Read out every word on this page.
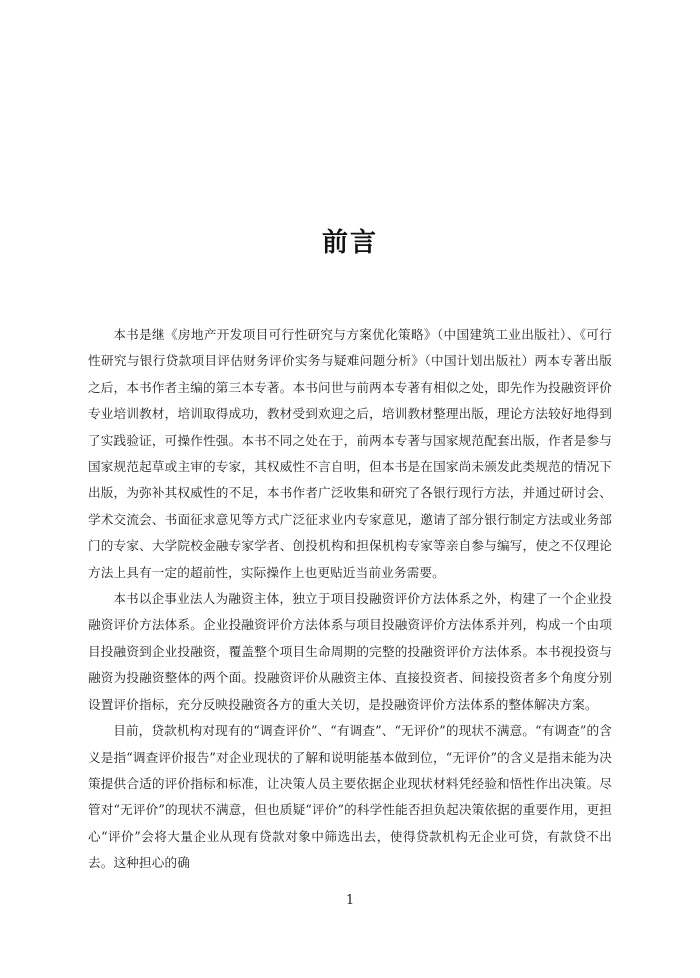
前言

本书是继《房地产开发项目可行性研究与方案优化策略》（中国建筑工业出版社）、《可行性研究与银行贷款项目评估财务评价实务与疑难问题分析》（中国计划出版社）两本专著出版之后，本书作者主编的第三本专著。本书问世与前两本专著有相似之处，即先作为投融资评价专业培训教材，培训取得成功，教材受到欢迎之后，培训教材整理出版，理论方法较好地得到了实践验证，可操作性强。本书不同之处在于，前两本专著与国家规范配套出版，作者是参与国家规范起草或主审的专家，其权威性不言自明，但本书是在国家尚未颁发此类规范的情况下出版，为弥补其权威性的不足，本书作者广泛收集和研究了各银行现行方法，并通过研讨会、学术交流会、书面征求意见等方式广泛征求业内专家意见，邀请了部分银行制定方法或业务部门的专家、大学院校金融专家学者、创投机构和担保机构专家等亲自参与编写，使之不仅理论方法上具有一定的超前性，实际操作上也更贴近当前业务需要。

本书以企事业法人为融资主体，独立于项目投融资评价方法体系之外，构建了一个企业投融资评价方法体系。企业投融资评价方法体系与项目投融资评价方法体系并列，构成一个由项目投融资到企业投融资，覆盖整个项目生命周期的完整的投融资评价方法体系。本书视投资与融资为投融资整体的两个面。投融资评价从融资主体、直接投资者、间接投资者多个角度分别设置评价指标，充分反映投融资各方的重大关切，是投融资评价方法体系的整体解决方案。

目前，贷款机构对现有的“调查评价”、“有调查”、“无评价”的现状不满意。“有调查”的含义是指“调查评价报告”对企业现状的了解和说明能基本做到位，“无评价”的含义是指未能为决策提供合适的评价指标和标准，让决策人员主要依据企业现状材料凭经验和悟性作出决策。尽管对“无评价”的现状不满意，但也质疑“评价”的科学性能否担负起决策依据的重要作用，更担心“评价”会将大量企业从现有贷款对象中筛选出去，使得贷款机构无企业可贷，有款贷不出去。这种担心的确

1
